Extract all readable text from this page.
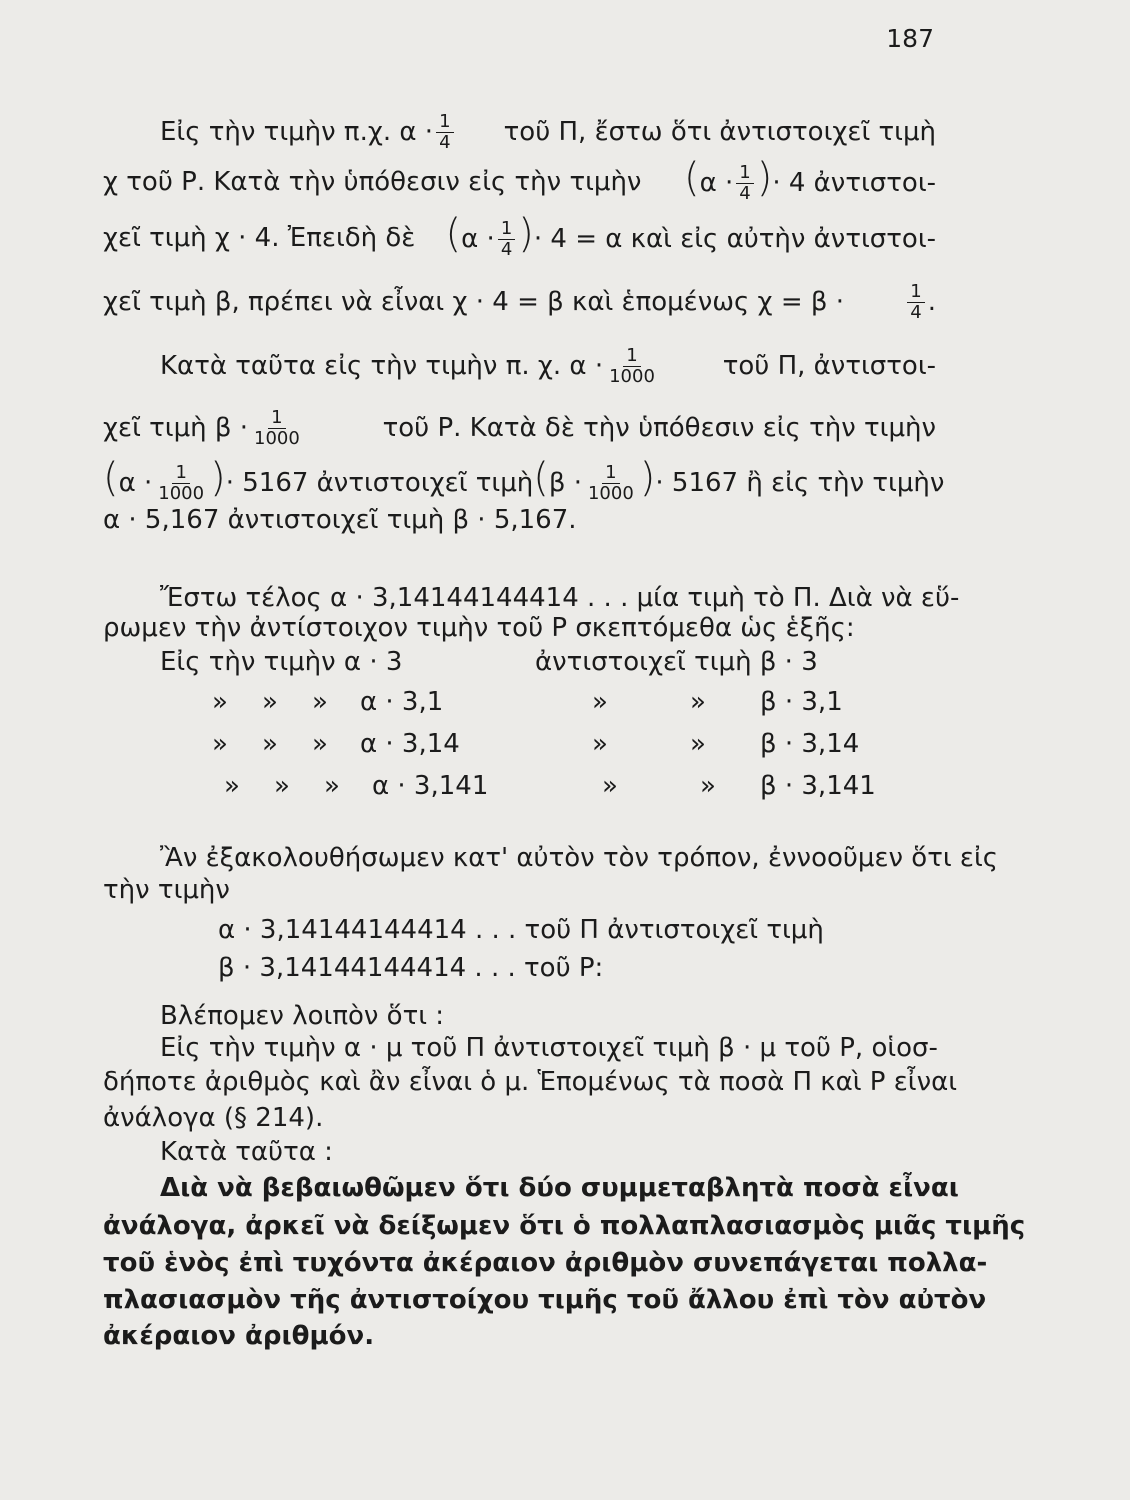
187
Εἰς τὴν τιμὴν π.χ. $\alpha \cdot \frac{1}{4}$ τοῦ Π, ἔστω ὅτι ἀντιστοιχεῖ τιμὴ
χ τοῦ Ρ. Κατὰ τὴν ὑπόθεσιν εἰς τὴν τιμὴν ($\alpha \cdot \frac{1}{4}$ )· 4 ἀντιστοι-
χεῖ τιμὴ χ · 4. Ἐπειδὴ δὲ ($\alpha \cdot \frac{1}{4}$ )· 4 = α καὶ εἰς αὐτὴν ἀντιστοι-
χεῖ τιμὴ β, πρέπει νὰ εἶναι χ · 4 = β καὶ ἑπομένως χ = β ·	$\frac{1}{4}$ .
Κατὰ ταῦτα εἰς τὴν τιμὴν π. χ. $\alpha \cdot \frac{1}{1000}$ τοῦ Π, ἀντιστοι-
χεῖ τιμὴ $\beta \cdot \frac{1}{1000}$	τοῦ Ρ. Κατὰ δὲ τὴν ὑπόθεσιν εἰς τὴν τιμὴν
($\alpha \cdot \frac{1}{1000}$ )· 5167 ἀντιστοιχεῖ τιμὴ ($\beta \cdot \frac{1}{1000}$ )· 5167 ἢ εἰς τὴν τιμὴν
α · 5,167 ἀντιστοιχεῖ τιμὴ β · 5,167.
Ἔστω τέλος α · 3,14144144414 . . . μία τιμὴ τὸ Π. Διὰ νὰ εὕ-
ρωμεν τὴν ἀντίστοιχον τιμὴν τοῦ Ρ σκεπτόμεθα ὡς ἑξῆς:
Εἰς τὴν τιμὴν α · 3	ἀντιστοιχεῖ τιμὴ β · 3
» » » α · 3,1	»	» β · 3,1
» » » α · 3,14	»	» β · 3,14
» » » α · 3,141	»	» β · 3,141
Ἂν ἐξακολουθήσωμεν κατ' αὐτὸν τὸν τρόπον, ἐννοοῦμεν ὅτι εἰς
τὴν τιμὴν
α · 3,14144144414 . . . τοῦ Π ἀντιστοιχεῖ τιμὴ
β · 3,14144144414 . . . τοῦ Ρ:
Βλέπομεν λοιπὸν ὅτι :
Εἰς τὴν τιμὴν α · μ τοῦ Π ἀντιστοιχεῖ τιμὴ β · μ τοῦ Ρ, οἱοσ-
δήποτε ἀριθμὸς καὶ ἂν εἶναι ὁ μ. Ἑπομένως τὰ ποσὰ Π καὶ Ρ εἶναι
ἀνάλογα (§ 214).
Κατὰ ταῦτα :
Διὰ νὰ βεβαιωθῶμεν ὅτι δύο συμμεταβλητὰ ποσὰ εἶναι
ἀνάλογα, ἀρκεῖ νὰ δείξωμεν ὅτι ὁ πολλαπλασιασμὸς μιᾶς τιμῆς
τοῦ ἑνὸς ἐπὶ τυχόντα ἀκέραιον ἀριθμὸν συνεπάγεται πολλα-
πλασιασμὸν τῆς ἀντιστοίχου τιμῆς τοῦ ἄλλου ἐπὶ τὸν αὐτὸν
ἀκέραιον ἀριθμόν.
